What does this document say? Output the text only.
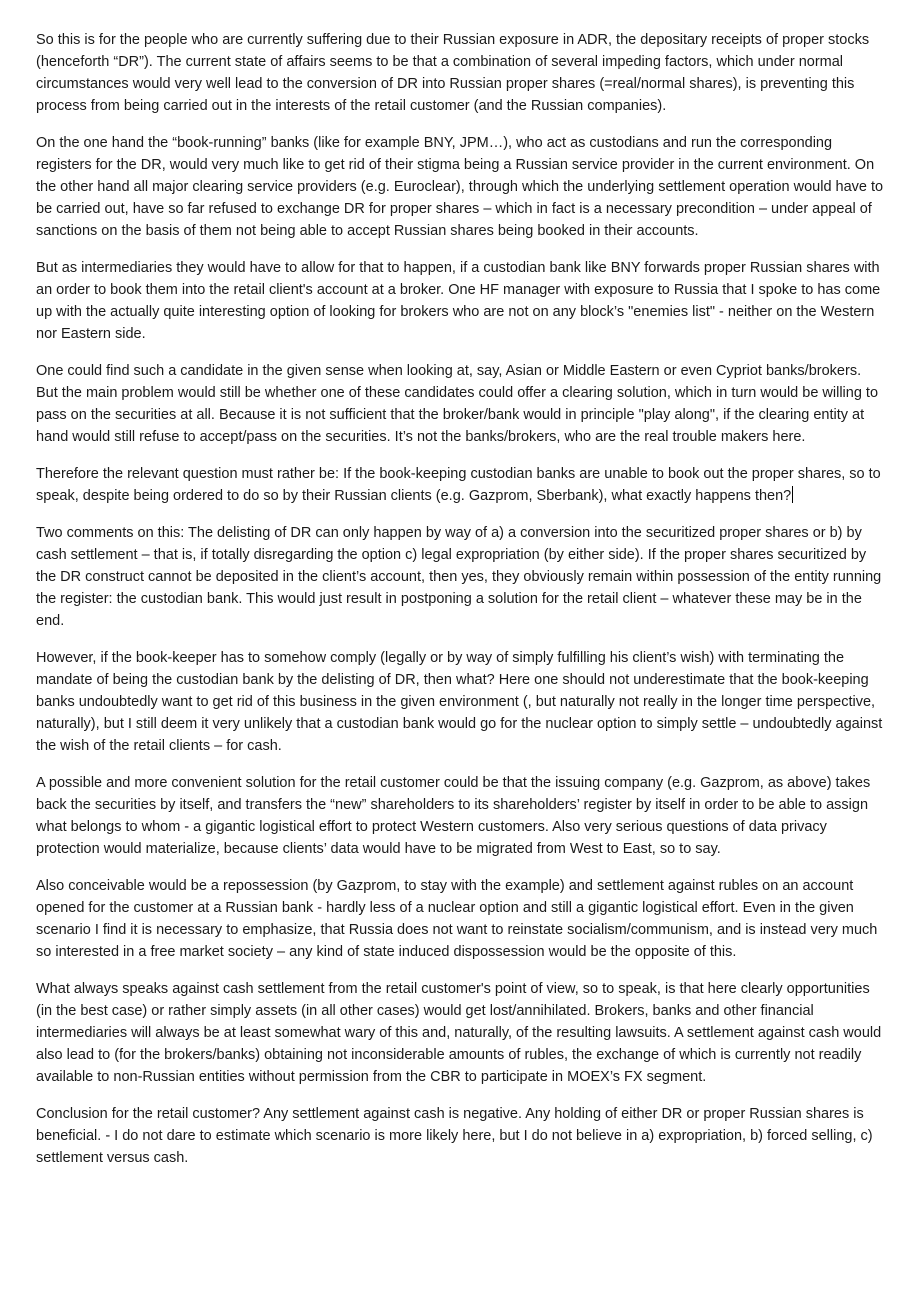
So this is for the people who are currently suffering due to their Russian exposure in ADR, the depositary receipts of proper stocks (henceforth “DR”). The current state of affairs seems to be that a combination of several impeding factors, which under normal circumstances would very well lead to the conversion of DR into Russian proper shares (=real/normal shares), is preventing this process from being carried out in the interests of the retail customer (and the Russian companies).

On the one hand the “book-running” banks (like for example BNY, JPM…), who act as custodians and run the corresponding registers for the DR, would very much like to get rid of their stigma being a Russian service provider in the current environment. On the other hand all major clearing service providers (e.g. Euroclear), through which the underlying settlement operation would have to be carried out, have so far refused to exchange DR for proper shares – which in fact is a necessary precondition – under appeal of sanctions on the basis of them not being able to accept Russian shares being booked in their accounts.

But as intermediaries they would have to allow for that to happen, if a custodian bank like BNY forwards proper Russian shares with an order to book them into the retail client's account at a broker. One HF manager with exposure to Russia that I spoke to has come up with the actually quite interesting option of looking for brokers who are not on any block’s "enemies list" - neither on the Western nor Eastern side.

One could find such a candidate in the given sense when looking at, say, Asian or Middle Eastern or even Cypriot banks/brokers. But the main problem would still be whether one of these candidates could offer a clearing solution, which in turn would be willing to pass on the securities at all. Because it is not sufficient that the broker/bank would in principle "play along", if the clearing entity at hand would still refuse to accept/pass on the securities. It’s not the banks/brokers, who are the real trouble makers here.

Therefore the relevant question must rather be: If the book-keeping custodian banks are unable to book out the proper shares, so to speak, despite being ordered to do so by their Russian clients (e.g. Gazprom, Sberbank), what exactly happens then?

Two comments on this: The delisting of DR can only happen by way of a) a conversion into the securitized proper shares or b) by cash settlement – that is, if totally disregarding the option c) legal expropriation (by either side). If the proper shares securitized by the DR construct cannot be deposited in the client’s account, then yes, they obviously remain within possession of the entity running the register: the custodian bank. This would just result in postponing a solution for the retail client – whatever these may be in the end.

However, if the book-keeper has to somehow comply (legally or by way of simply fulfilling his client’s wish) with terminating the mandate of being the custodian bank by the delisting of DR, then what? Here one should not underestimate that the book-keeping banks undoubtedly want to get rid of this business in the given environment (, but naturally not really in the longer time perspective, naturally), but I still deem it very unlikely that a custodian bank would go for the nuclear option to simply settle – undoubtedly against the wish of the retail clients – for cash.

A possible and more convenient solution for the retail customer could be that the issuing company (e.g. Gazprom, as above) takes back the securities by itself, and transfers the “new” shareholders to its shareholders’ register by itself in order to be able to assign what belongs to whom - a gigantic logistical effort to protect Western customers. Also very serious questions of data privacy protection would materialize, because clients’ data would have to be migrated from West to East, so to say.

Also conceivable would be a repossession (by Gazprom, to stay with the example) and settlement against rubles on an account opened for the customer at a Russian bank - hardly less of a nuclear option and still a gigantic logistical effort. Even in the given scenario I find it is necessary to emphasize, that Russia does not want to reinstate socialism/communism, and is instead very much so interested in a free market society – any kind of state induced dispossession would be the opposite of this.

What always speaks against cash settlement from the retail customer's point of view, so to speak, is that here clearly opportunities (in the best case) or rather simply assets (in all other cases) would get lost/annihilated. Brokers, banks and other financial intermediaries will always be at least somewhat wary of this and, naturally, of the resulting lawsuits. A settlement against cash would also lead to (for the brokers/banks) obtaining not inconsiderable amounts of rubles, the exchange of which is currently not readily available to non-Russian entities without permission from the CBR to participate in MOEX’s FX segment.

Conclusion for the retail customer? Any settlement against cash is negative. Any holding of either DR or proper Russian shares is beneficial. - I do not dare to estimate which scenario is more likely here, but I do not believe in a) expropriation, b) forced selling, c) settlement versus cash.
